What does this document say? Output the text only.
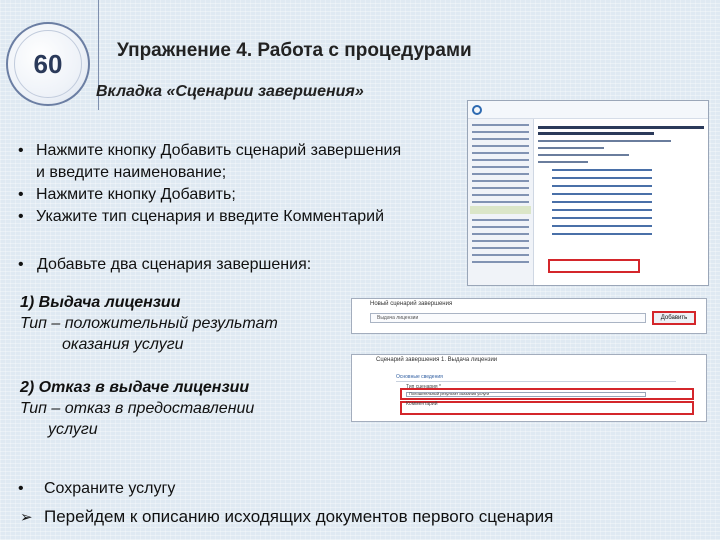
60	Упражнение 4. Работа с процедурами
Вкладка «Сценарии завершения»
• Нажмите кнопку Добавить сценарий завершения
и введите наименование;
• Нажмите кнопку Добавить;
• Укажите тип сценария и введите Комментарий
• Добавьте два сценария завершения:
1) Выдача лицензии
Тип – положительный результат
оказания услуги
Новый сценарий завершения
Выдача лицензии	Добавить
2) Отказ в выдаче лицензии
Тип – отказ в предоставлении
услуги
Сценарий завершения 1. Выдача лицензии
Основные сведения
Тип сценария *
Положительный результат оказания услуги
Комментарий
• Сохраните услугу
➢ Перейдем к описанию исходящих документов первого сценария
